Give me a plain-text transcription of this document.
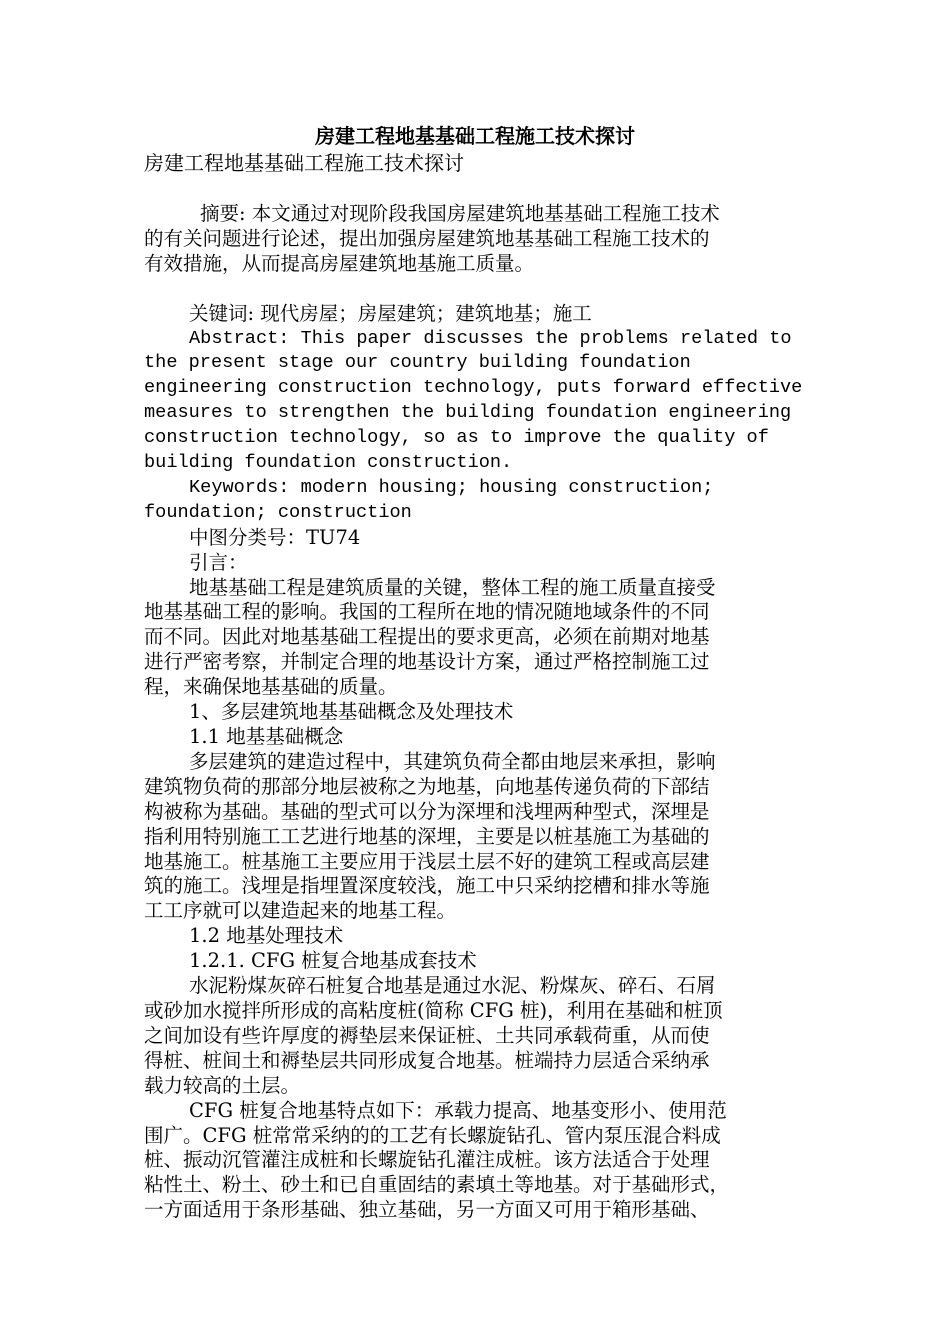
房建工程地基基础工程施工技术探讨

房建工程地基基础工程施工技术探讨

摘要: 本文通过对现阶段我国房屋建筑地基基础工程施工技术

的有关问题进行论述，提出加强房屋建筑地基基础工程施工技术的

有效措施，从而提高房屋建筑地基施工质量。

关键词: 现代房屋；房屋建筑；建筑地基；施工

Abstract: This paper discusses the problems related to

the present stage our country building foundation

engineering construction technology, puts forward effective

measures to strengthen the building foundation engineering

construction technology, so as to improve the quality of

building foundation construction.

Keywords: modern housing; housing construction;

foundation; construction

中图分类号：TU74

引言：

地基基础工程是建筑质量的关键，整体工程的施工质量直接受

地基基础工程的影响。我国的工程所在地的情况随地域条件的不同

而不同。因此对地基基础工程提出的要求更高，必须在前期对地基

进行严密考察，并制定合理的地基设计方案，通过严格控制施工过

程，来确保地基基础的质量。

1、多层建筑地基基础概念及处理技术

1.1 地基基础概念

多层建筑的建造过程中，其建筑负荷全都由地层来承担，影响

建筑物负荷的那部分地层被称之为地基，向地基传递负荷的下部结

构被称为基础。基础的型式可以分为深埋和浅埋两种型式，深埋是

指利用特别施工工艺进行地基的深埋，主要是以桩基施工为基础的

地基施工。桩基施工主要应用于浅层土层不好的建筑工程或高层建

筑的施工。浅埋是指埋置深度较浅，施工中只采纳挖槽和排水等施

工工序就可以建造起来的地基工程。

1.2 地基处理技术

1.2.1. CFG 桩复合地基成套技术

水泥粉煤灰碎石桩复合地基是通过水泥、粉煤灰、碎石、石屑

或砂加水搅拌所形成的高粘度桩(简称 CFG 桩)，利用在基础和桩顶

之间加设有些许厚度的褥垫层来保证桩、土共同承载荷重，从而使

得桩、桩间土和褥垫层共同形成复合地基。桩端持力层适合采纳承

载力较高的土层。

CFG 桩复合地基特点如下：承载力提高、地基变形小、使用范

围广。CFG 桩常常采纳的的工艺有长螺旋钻孔、管内泵压混合料成

桩、振动沉管灌注成桩和长螺旋钻孔灌注成桩。该方法适合于处理

粘性土、粉土、砂土和已自重固结的素填土等地基。对于基础形式，

一方面适用于条形基础、独立基础，另一方面又可用于箱形基础、
